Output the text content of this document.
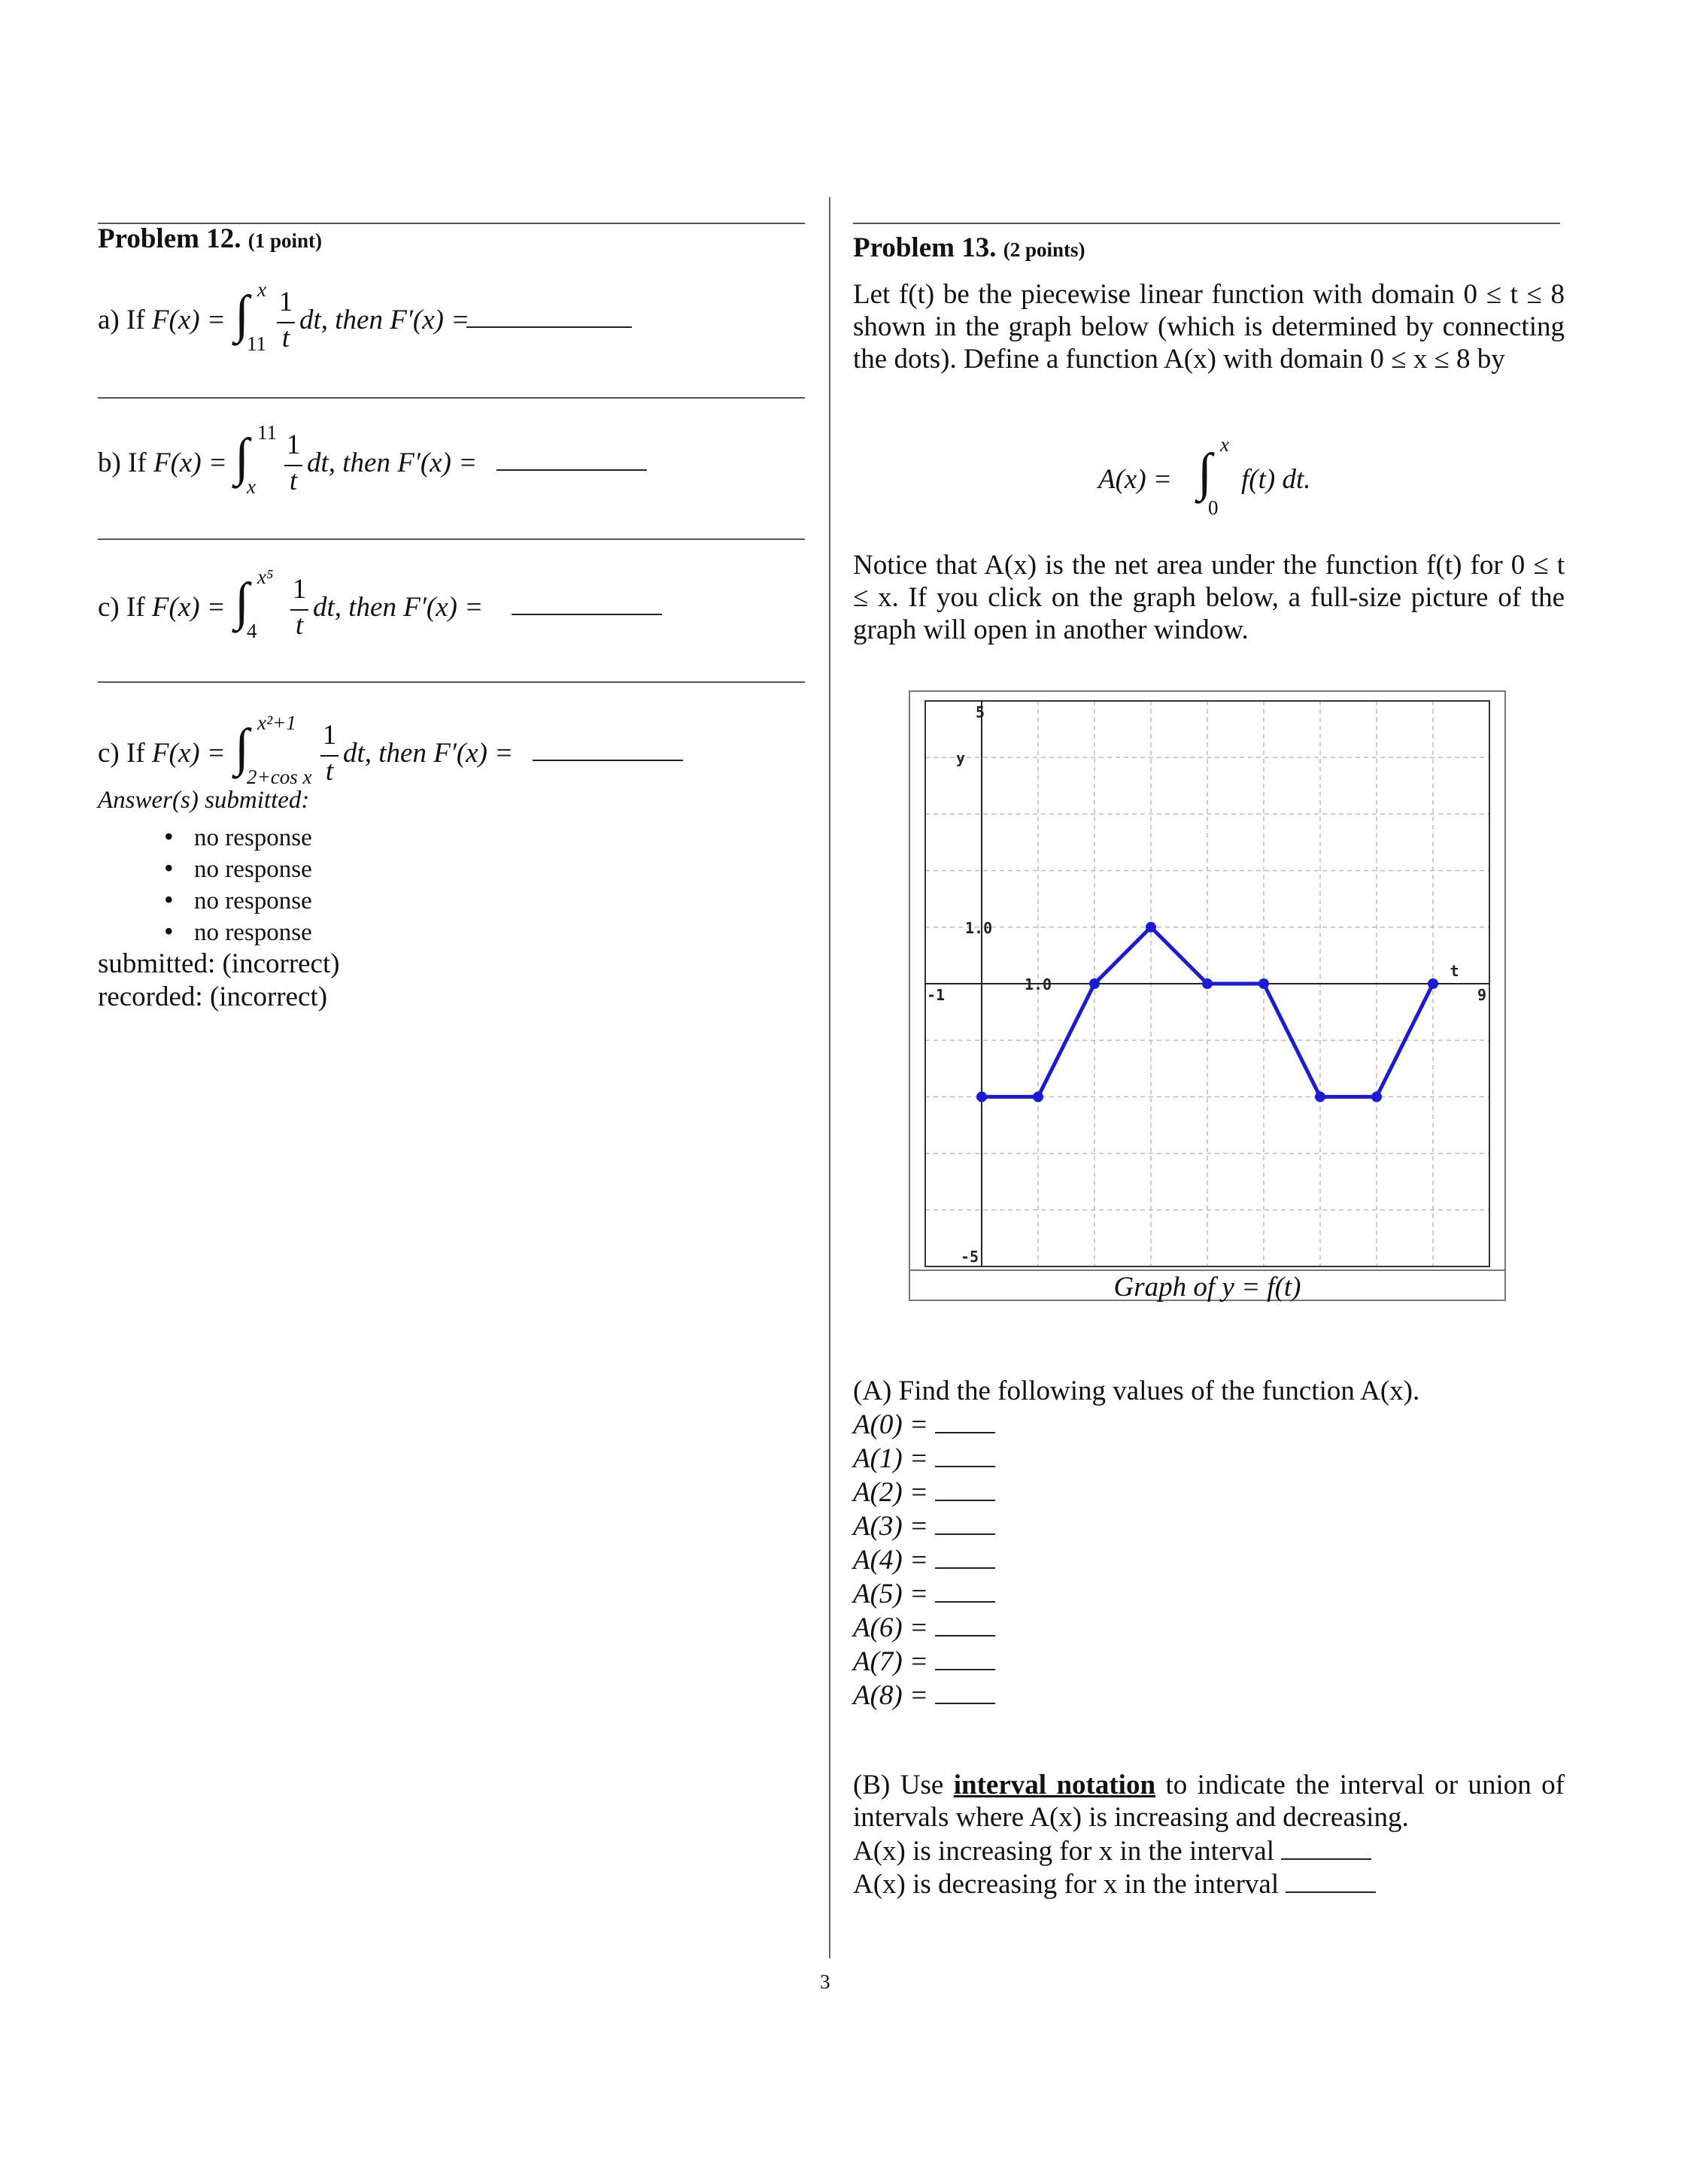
3
Problem 12. (1 point)
a) If F(x) = ∫ x
11
1
t
dt, then F′(x) =
b) If F(x) = ∫ 11
x
1
t
dt, then F′(x) =
c) If F(x) = ∫ x⁵
4
1
t
dt, then F′(x) =
c) If F(x) = ∫ x²+1
2+cos x
1
t
dt, then F′(x) =
Answer(s) submitted:
• no response
• no response
• no response
• no response
submitted: (incorrect)
recorded: (incorrect)
Problem 13. (2 points)
Let f(t) be the piecewise linear function with domain 0 ≤ t ≤ 8 shown in the graph below (which is determined by connecting the dots). Define a function A(x) with domain 0 ≤ x ≤ 8 by
A(x) = ∫ x
0
f(t) dt.
Notice that A(x) is the net area under the function f(t) for 0 ≤ t ≤ x. If you click on the graph below, a full-size picture of the graph will open in another window.
5
1.0
-5
-1
1.0
9
y
t
Graph of y = f(t)
(A) Find the following values of the function A(x).
A(0) =
A(1) =
A(2) =
A(3) =
A(4) =
A(5) =
A(6) =
A(7) =
A(8) =
(B) Use interval notation to indicate the interval or union of intervals where A(x) is increasing and decreasing.
A(x) is increasing for x in the interval
A(x) is decreasing for x in the interval
